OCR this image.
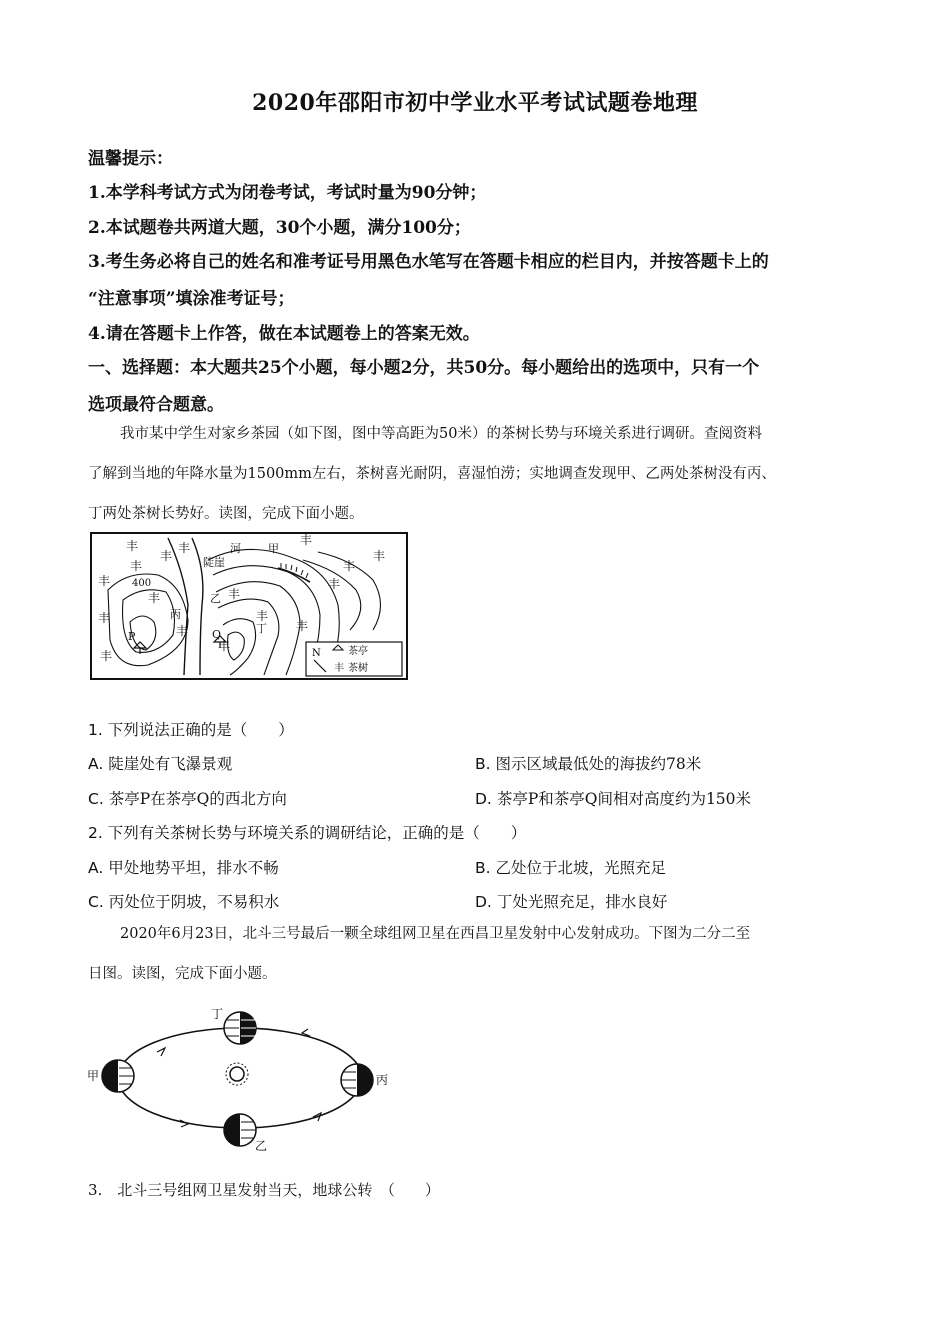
2020年邵阳市初中学业水平考试试题卷地理
温馨提示：
1.本学科考试方式为闭卷考试，考试时量为90分钟；
2.本试题卷共两道大题，30个小题，满分100分；
3.考生务必将自己的姓名和准考证号用黑色水笔写在答题卡相应的栏目内，并按答题卡上的
“注意事项”填涂准考证号；
4.请在答题卡上作答，做在本试题卷上的答案无效。
一、选择题：本大题共25个小题，每小题2分，共50分。每小题给出的选项中，只有一个
选项最符合题意。
我市某中学生对家乡茶园（如下图，图中等高距为50米）的茶树长势与环境关系进行调研。查阅资料
了解到当地的年降水量为1500mm左右，茶树喜光耐阴，喜湿怕涝；实地调查发现甲、乙两处茶树没有丙、
丁两处茶树长势好。读图，完成下面小题。
丰	丰
丰
丰
丰
丰
丰
丰
丰
丰
丰
丰
丰
丰
丰
丰
丰
河
陡崖
甲
乙
丙
丁
400
P	Q
N	茶亭
丰 茶树
1. 下列说法正确的是（　　）
A. 陡崖处有飞瀑景观	B. 图示区域最低处的海拔约78米
C. 茶亭P在茶亭Q的西北方向	D. 茶亭P和茶亭Q间相对高度约为150米
2. 下列有关茶树长势与环境关系的调研结论，正确的是（　　）
A. 甲处地势平坦，排水不畅	B. 乙处位于北坡，光照充足
C. 丙处位于阴坡，不易积水	D. 丁处光照充足，排水良好
2020年6月23日，北斗三号最后一颗全球组网卫星在西昌卫星发射中心发射成功。下图为二分二至
日图。读图，完成下面小题。
丁
甲	丙
乙
3.　北斗三号组网卫星发射当天，地球公转　（　　）
